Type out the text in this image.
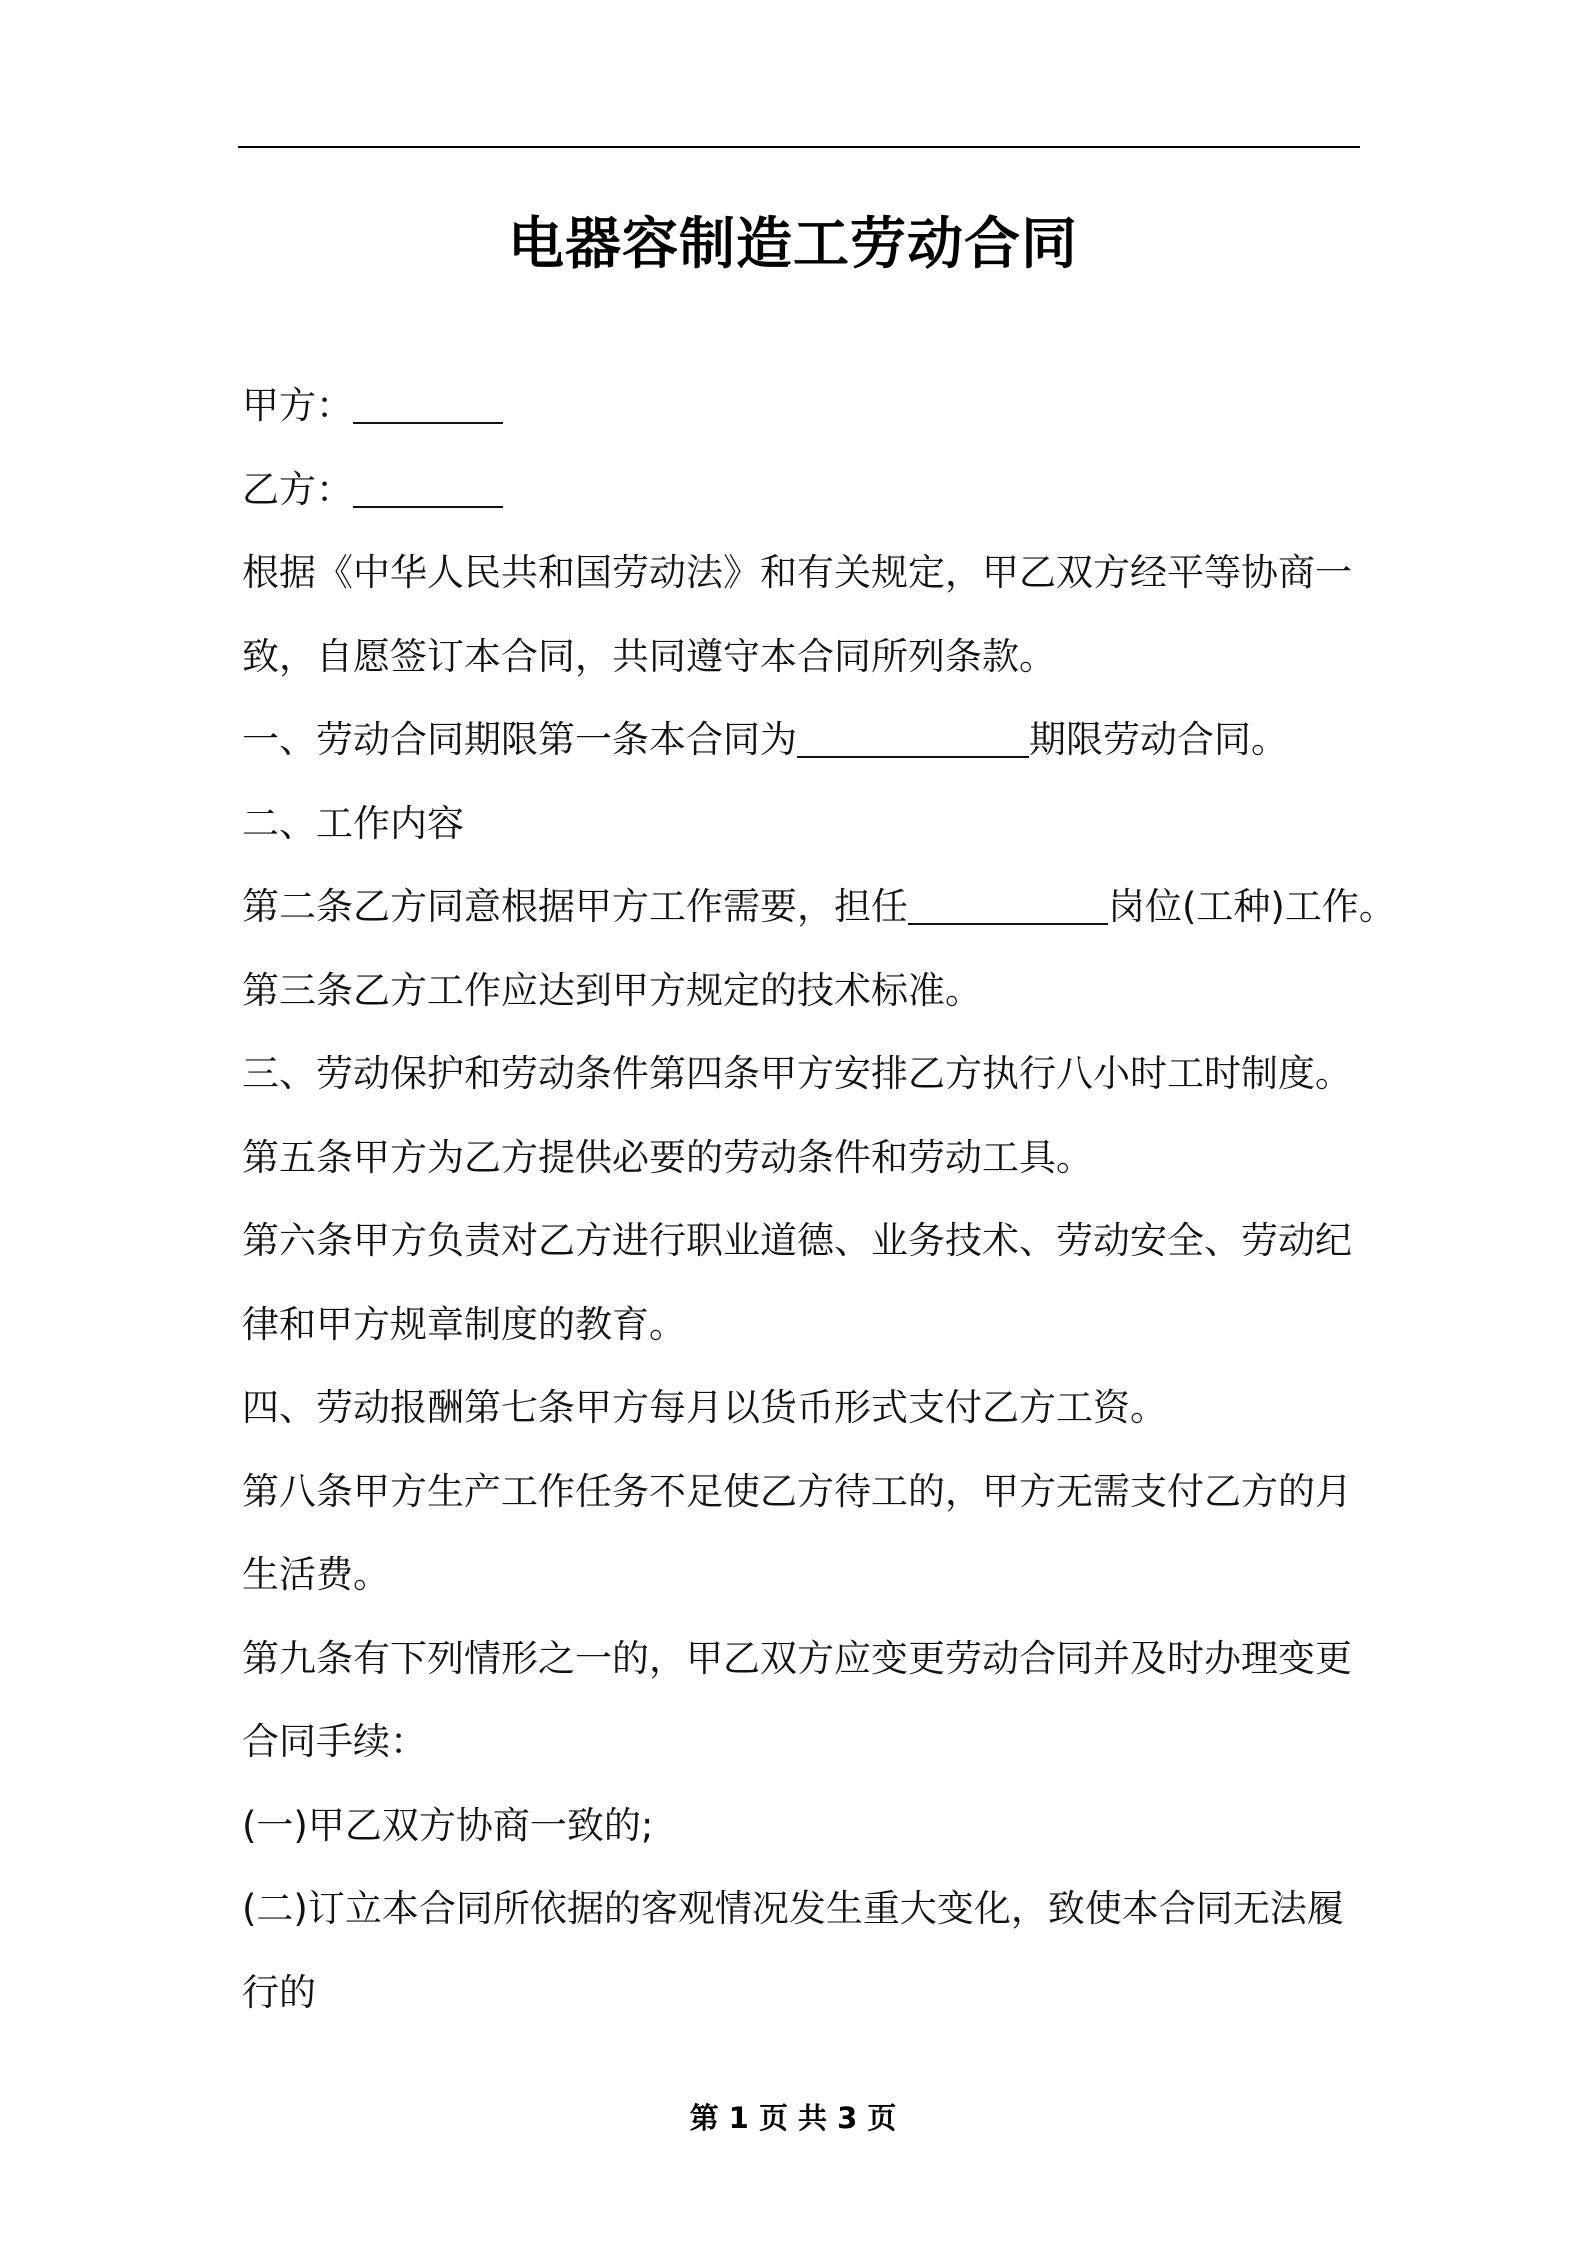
电器容制造工劳动合同
甲方：
乙方：
根据《中华人民共和国劳动法》和有关规定，甲乙双方经平等协商一
致，自愿签订本合同，共同遵守本合同所列条款。
一、劳动合同期限第一条本合同为	期限劳动合同。
二、工作内容
第二条乙方同意根据甲方工作需要，担任	岗位(工种)工作。
第三条乙方工作应达到甲方规定的技术标准。
三、劳动保护和劳动条件第四条甲方安排乙方执行八小时工时制度。
第五条甲方为乙方提供必要的劳动条件和劳动工具。
第六条甲方负责对乙方进行职业道德、业务技术、劳动安全、劳动纪
律和甲方规章制度的教育。
四、劳动报酬第七条甲方每月以货币形式支付乙方工资。
第八条甲方生产工作任务不足使乙方待工的，甲方无需支付乙方的月
生活费。
第九条有下列情形之一的，甲乙双方应变更劳动合同并及时办理变更
合同手续：
(一)甲乙双方协商一致的;
(二)订立本合同所依据的客观情况发生重大变化，致使本合同无法履
行的
第 1 页 共 3 页
